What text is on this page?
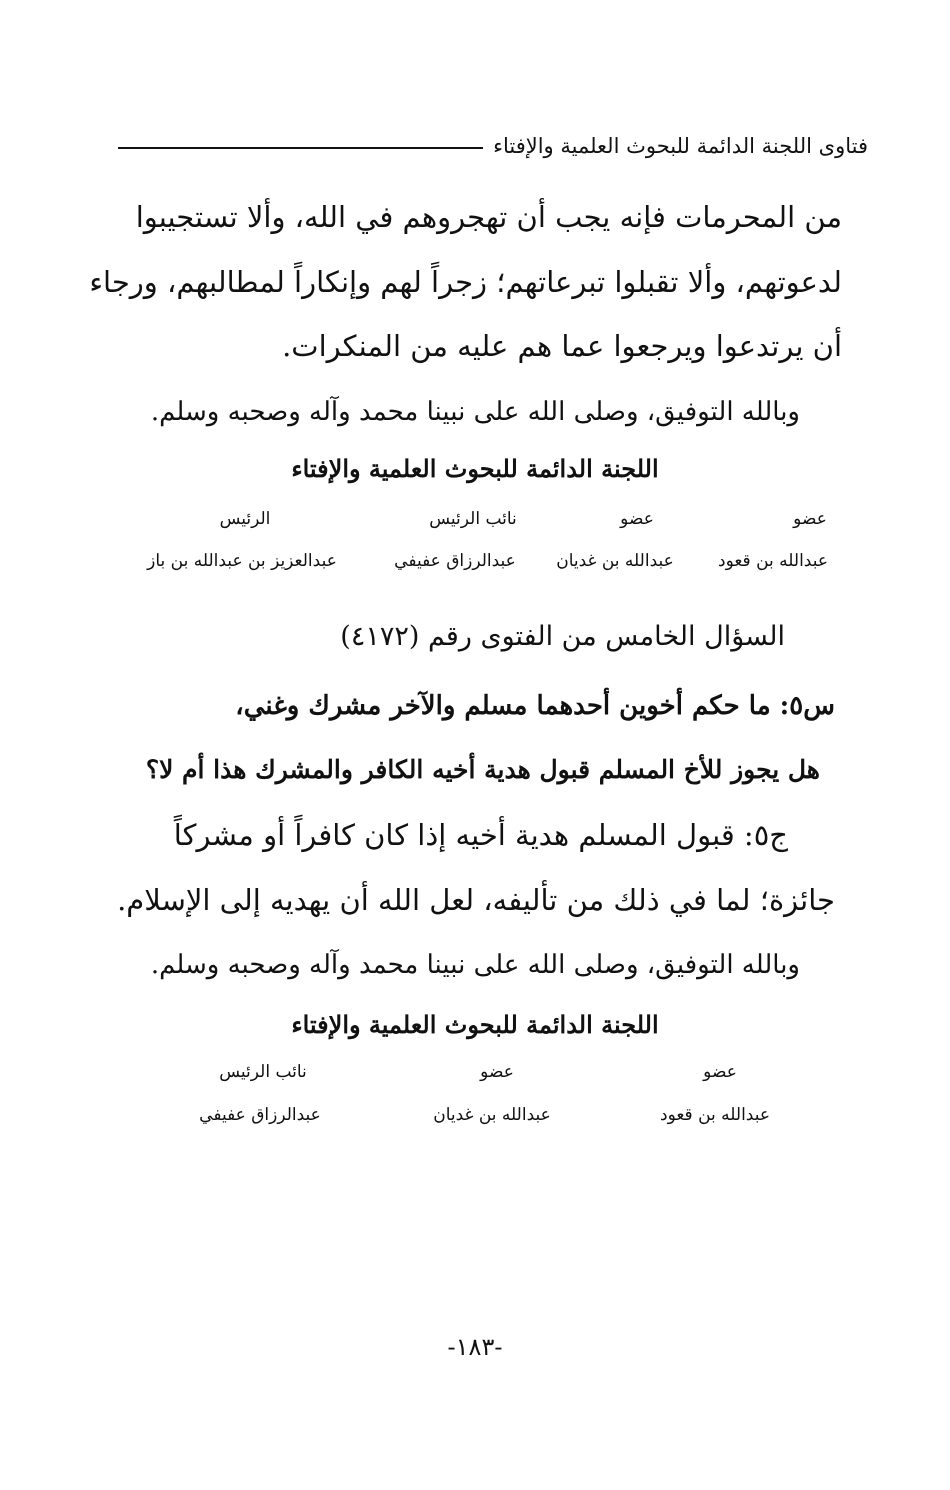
فتاوى اللجنة الدائمة للبحوث العلمية والإفتاء
من المحرمات فإنه يجب أن تهجروهم في الله، وألا تستجيبوا
لدعوتهم، وألا تقبلوا تبرعاتهم؛ زجراً لهم وإنكاراً لمطالبهم، ورجاء
أن يرتدعوا ويرجعوا عما هم عليه من المنكرات.
وبالله التوفيق، وصلى الله على نبينا محمد وآله وصحبه وسلم.
اللجنة الدائمة للبحوث العلمية والإفتاء
عضو
عضو
نائب الرئيس
الرئيس
عبدالله بن قعود
عبدالله بن غديان
عبدالرزاق عفيفي
عبدالعزيز بن عبدالله بن باز
السؤال الخامس من الفتوى رقم (٤١٧٢)
س٥: ما حكم أخوين أحدهما مسلم والآخر مشرك وغني،
هل يجوز للأخ المسلم قبول هدية أخيه الكافر والمشرك هذا أم لا؟
ج٥: قبول المسلم هدية أخيه إذا كان كافراً أو مشركاً
جائزة؛ لما في ذلك من تأليفه، لعل الله أن يهديه إلى الإسلام.
وبالله التوفيق، وصلى الله على نبينا محمد وآله وصحبه وسلم.
اللجنة الدائمة للبحوث العلمية والإفتاء
عضو
عضو
نائب الرئيس
عبدالله بن قعود
عبدالله بن غديان
عبدالرزاق عفيفي
-١٨٣-
